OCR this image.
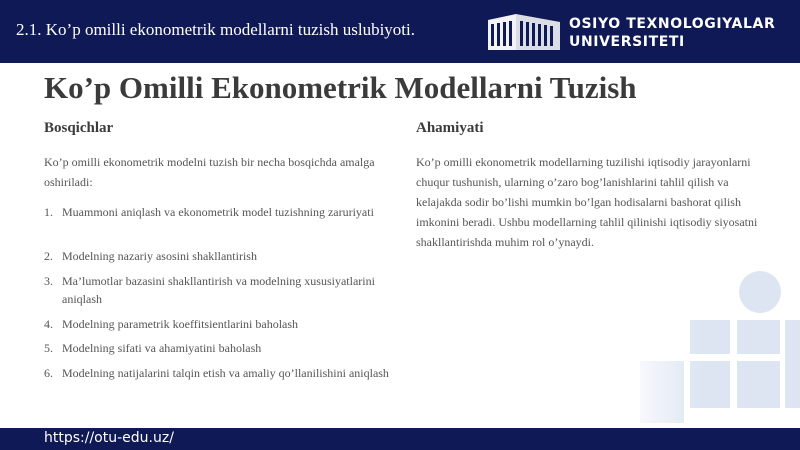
2.1. Ko’p omilli ekonometrik modellarni tuzish uslubiyoti.	OSIYO TEXNOLOGIYALAR
UNIVERSITETI
Ko’p Omilli Ekonometrik Modellarni Tuzish
Bosqichlar

Ko’p omilli ekonometrik modelni tuzish bir necha bosqichda amalga oshiriladi:

1. Muammoni aniqlash va ekonometrik model tuzishning zaruriyati
2. Modelning nazariy asosini shakllantirish
3. Ma’lumotlar bazasini shakllantirish va modelning xususiyatlarini aniqlash
4. Modelning parametrik koeffitsientlarini baholash
5. Modelning sifati va ahamiyatini baholash
6. Modelning natijalarini talqin etish va amaliy qo’llanilishini aniqlash
Ahamiyati

Ko’p omilli ekonometrik modellarning tuzilishi iqtisodiy jarayonlarni chuqur tushunish, ularning o’zaro bog’lanishlarini tahlil qilish va kelajakda sodir bo’lishi mumkin bo’lgan hodisalarni bashorat qilish imkonini beradi. Ushbu modellarning tahlil qilinishi iqtisodiy siyosatni shakllantirishda muhim rol o’ynaydi.

https://otu-edu.uz/
